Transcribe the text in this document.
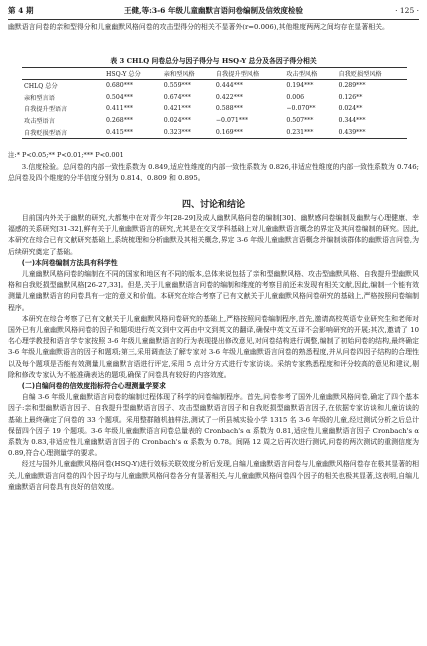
第 4 期	王健,等:3-6 年级儿童幽默言语问卷编制及信效度检验	· 125 ·

幽默语言问卷的亲和型得分和儿童幽默风格问卷的攻击型得分的相关不显著外(r=0.006),其他维度两两之间均存在显著相关。

表 3 CHLQ 问卷总分与因子得分与 HSQ-Y 总分及各因子得分相关
	HSQ-Y 总分	亲和型风格	自我提升型风格	攻击型风格	自我贬损型风格
CHLQ 总分	0.680***	0.559***	0.444***	0.194***	0.289***
亲和型言语	0.504***	0.674***	0.422***	0.006	0.126**
自我提升型语言	0.411***	0.421***	0.588***	−0.070**	0.024**
攻击型语言	0.268***	0.024***	−0.071***	0.507***	0.344***
自我贬损型语言	0.415***	0.323***	0.169***	0.231***	0.439***
注:* P<0.05;** P<0.01;*** P<0.001

3.信度检验。总问卷的内部一致性系数为 0.849,适应性维度的内部一致性系数为 0.826,非适应性维度的内部一致性系数为 0.746;总问卷及四个维度的分半信度分别为 0.814、0.809 和 0.895。

四、讨论和结论

目前国内外关于幽默的研究,大都集中在对青少年[28-29]及成人幽默风格问卷的编制[30]、幽默感问卷编制及幽默与心理健康、幸福感的关系研究[31-32],鲜有关于儿童幽默语言的研究,尤其是在交叉学科基础上对儿童幽默语言概念的界定及其问卷编制的研究。因此,本研究在综合已有文献研究基础上,系统梳理和分析幽默及其相关概念,界定 3-6 年级儿童幽默言语概念并编制该群体的幽默语言问卷,为后续研究奠定了基础。

(一)本问卷编制方法具有科学性

儿童幽默风格问卷的编制在不同的国家和地区有不同的版本,总体来说包括了亲和型幽默风格、攻击型幽默风格、自我提升型幽默风格和自我贬损型幽默风格[26-27,33]。但是,关于儿童幽默语言问卷的编制和维度的考察目前还未发现有相关文献,因此,编制一个能有效测量儿童幽默语言的问卷具有一定的意义和价值。本研究在综合考察了已有文献关于儿童幽默风格问卷研究的基础上,严格按照问卷编制程序。

本研究在综合考察了已有文献关于儿童幽默风格问卷研究的基础上,严格按照问卷编制程序,首先,邀请高校英语专业研究生和老师对国外已有儿童幽默风格问卷的因子和题项进行英文到中文再由中文到英文的翻译,确保中英文互译不会影响研究的开展;其次,邀请了 10 名心理学教授和语言学专家按照 3-6 年级儿童幽默语言的行为表现提出修改意见,对问卷结构进行调整,编制了初始问卷的结构,最终确定 3-6 年级儿童幽默语言的因子和题项;第三,采用调查法了解专家对 3-6 年级儿童幽默语言问卷的熟悉程度,并从问卷四因子结构的合理性以及每个题项是否能有效测量儿童幽默言语进行评定,采用 5 点计分方式进行专家访谈。采纳专家熟悉程度和评分较高的意见和建议,剔除和修改专家认为不能准确表达的题项,确保了问卷具有较好的内容效度。

(二)自编问卷的信效度指标符合心理测量学要求

自编 3-6 年级儿童幽默语言问卷的编制过程体现了科学的问卷编制程序。首先,问卷参考了国外儿童幽默风格问卷,确定了四个基本因子:亲和型幽默语言因子、自我提升型幽默语言因子、攻击型幽默语言因子和自我贬损型幽默语言因子,在依据专家访谈和儿童访谈的基础上最终确定了问卷的 33 个题项。采用整群随机抽样法,测试了一所县城实验小学 1315 名 3-6 年级的儿童,经过测试分析之后总计保留四个因子 19 个题项。3-6 年级儿童幽默语言问卷总量表的 Cronbach's α 系数为 0.81,适应性儿童幽默语言因子 Cronbach's α 系数为 0.83,非适应性儿童幽默语言因子的 Cronbach's α 系数为 0.78。间隔 12 周之后再次进行测试,问卷的两次测试的重测信度为 0.89,符合心理测量学的要求。

经过与国外儿童幽默风格问卷(HSQ-Y)进行效标关联效度分析后发现,自编儿童幽默语言问卷与儿童幽默风格问卷存在极其显著的相关,儿童幽默语言问卷的四个因子均与儿童幽默风格问卷各分有显著相关,与儿童幽默风格问卷四个因子的相关也极其显著,这表明,自编儿童幽默语言问卷具有良好的信效度。
